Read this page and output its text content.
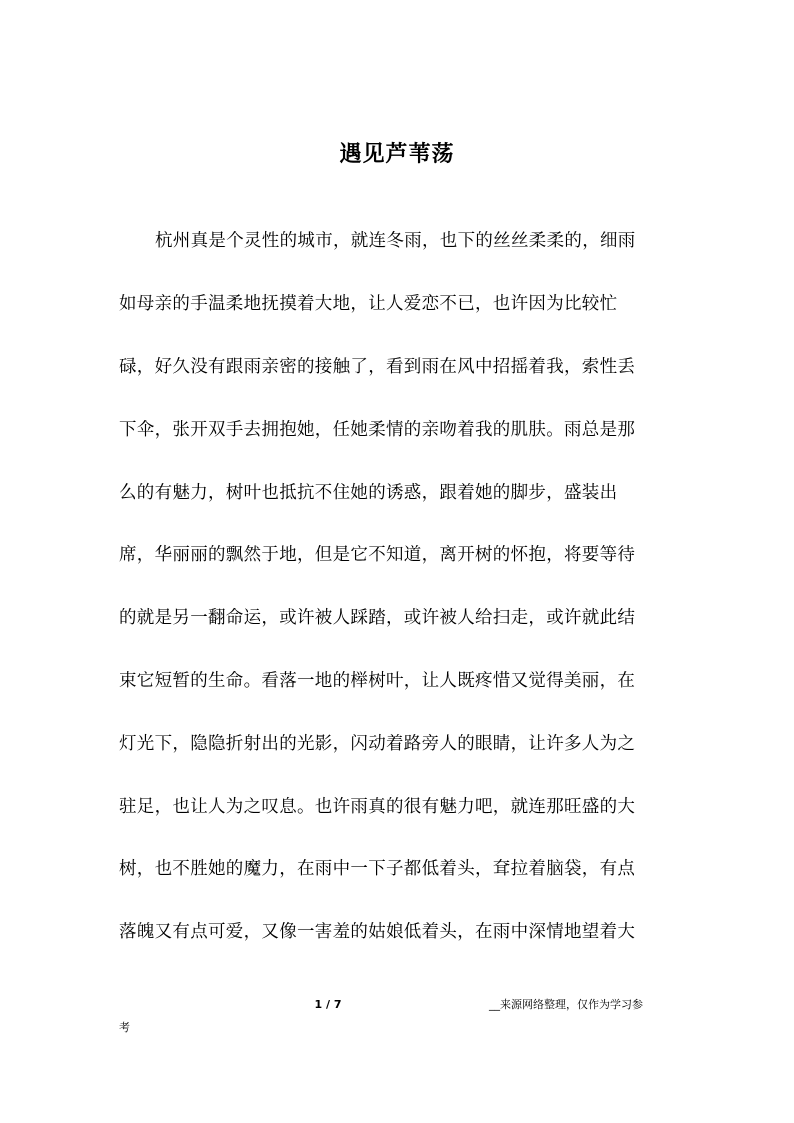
遇见芦苇荡
杭州真是个灵性的城市，就连冬雨，也下的丝丝柔柔的，细雨
如母亲的手温柔地抚摸着大地，让人爱恋不已，也许因为比较忙
碌，好久没有跟雨亲密的接触了，看到雨在风中招摇着我，索性丢
下伞，张开双手去拥抱她，任她柔情的亲吻着我的肌肤。雨总是那
么的有魅力，树叶也抵抗不住她的诱惑，跟着她的脚步，盛装出
席，华丽丽的飘然于地，但是它不知道，离开树的怀抱，将要等待
的就是另一翻命运，或许被人踩踏，或许被人给扫走，或许就此结
束它短暂的生命。看落一地的榉树叶，让人既疼惜又觉得美丽，在
灯光下，隐隐折射出的光影，闪动着路旁人的眼睛，让许多人为之
驻足，也让人为之叹息。也许雨真的很有魅力吧，就连那旺盛的大
树，也不胜她的魔力，在雨中一下子都低着头，耷拉着脑袋，有点
落魄又有点可爱，又像一害羞的姑娘低着头，在雨中深情地望着大
1 / 7	__来源网络整理，仅作为学习参
考
